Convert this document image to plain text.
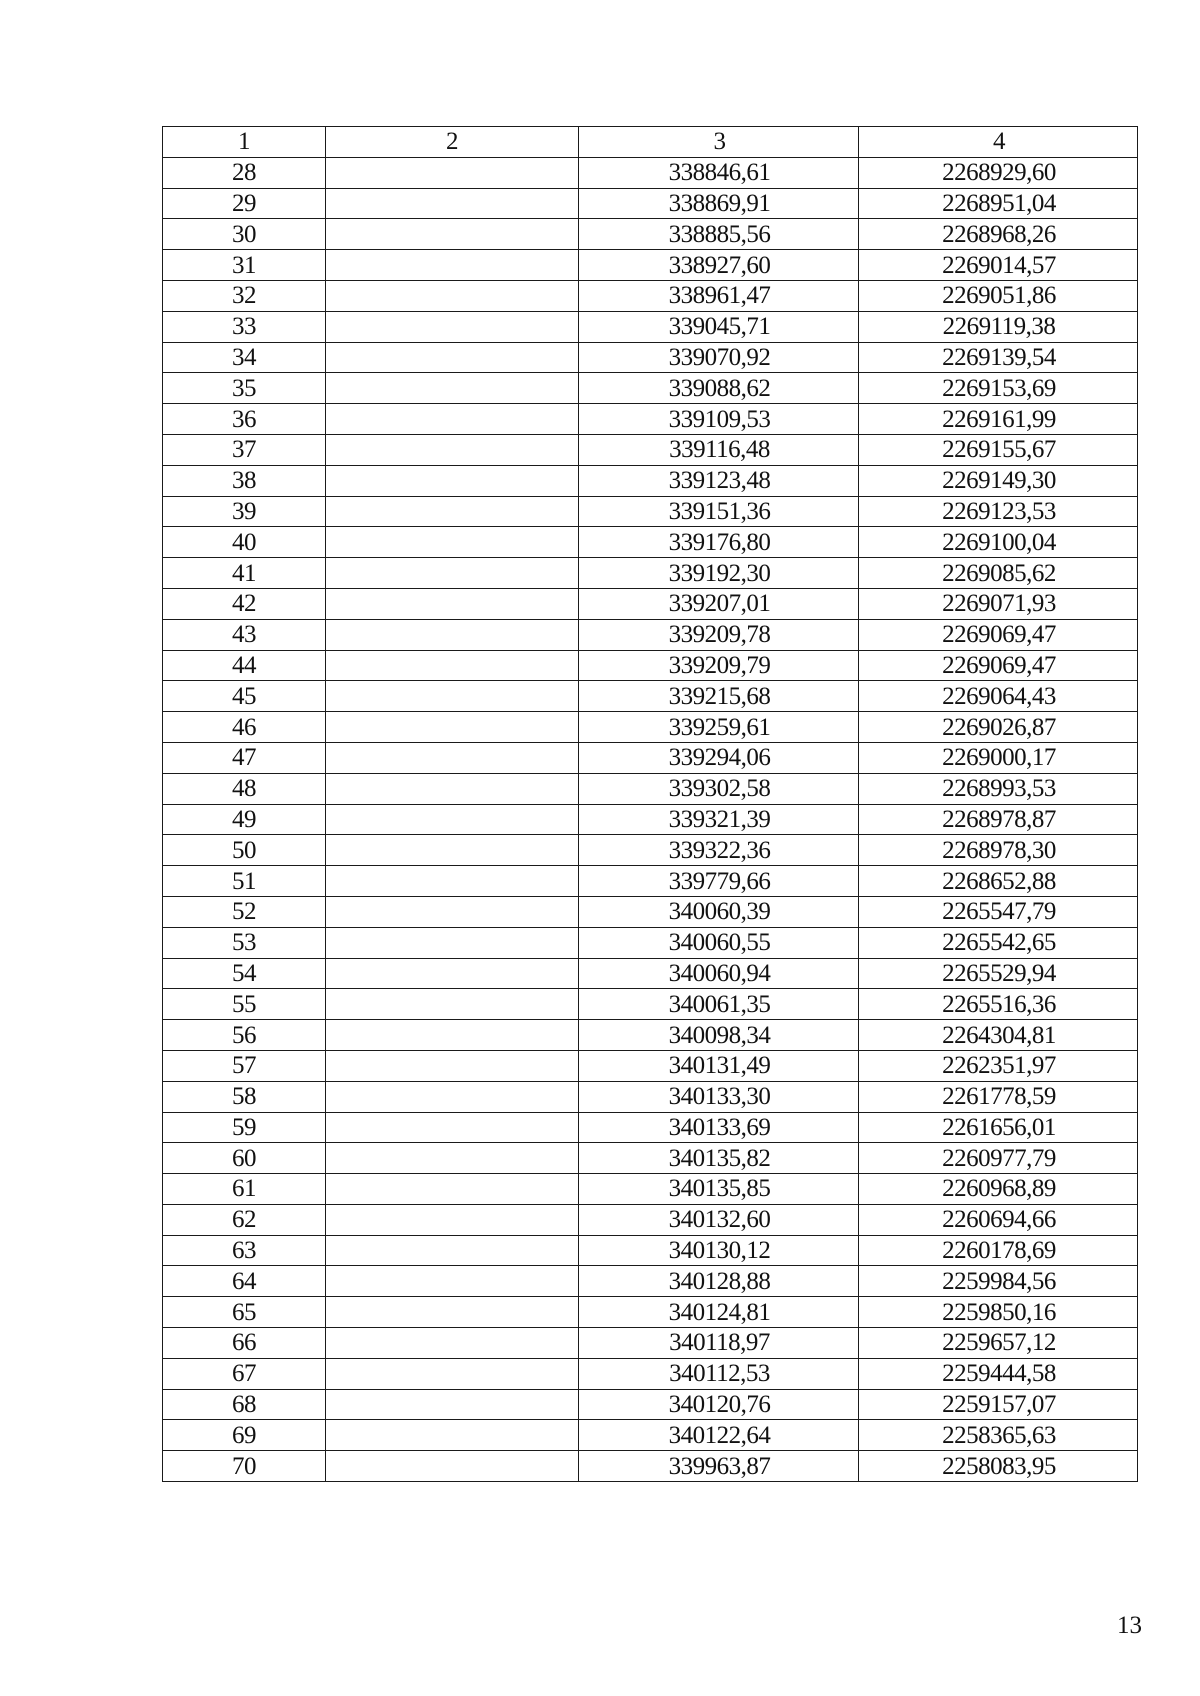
1	2	3	4
28		338846,61	2268929,60
29		338869,91	2268951,04
30		338885,56	2268968,26
31		338927,60	2269014,57
32		338961,47	2269051,86
33		339045,71	2269119,38
34		339070,92	2269139,54
35		339088,62	2269153,69
36		339109,53	2269161,99
37		339116,48	2269155,67
38		339123,48	2269149,30
39		339151,36	2269123,53
40		339176,80	2269100,04
41		339192,30	2269085,62
42		339207,01	2269071,93
43		339209,78	2269069,47
44		339209,79	2269069,47
45		339215,68	2269064,43
46		339259,61	2269026,87
47		339294,06	2269000,17
48		339302,58	2268993,53
49		339321,39	2268978,87
50		339322,36	2268978,30
51		339779,66	2268652,88
52		340060,39	2265547,79
53		340060,55	2265542,65
54		340060,94	2265529,94
55		340061,35	2265516,36
56		340098,34	2264304,81
57		340131,49	2262351,97
58		340133,30	2261778,59
59		340133,69	2261656,01
60		340135,82	2260977,79
61		340135,85	2260968,89
62		340132,60	2260694,66
63		340130,12	2260178,69
64		340128,88	2259984,56
65		340124,81	2259850,16
66		340118,97	2259657,12
67		340112,53	2259444,58
68		340120,76	2259157,07
69		340122,64	2258365,63
70		339963,87	2258083,95
13
